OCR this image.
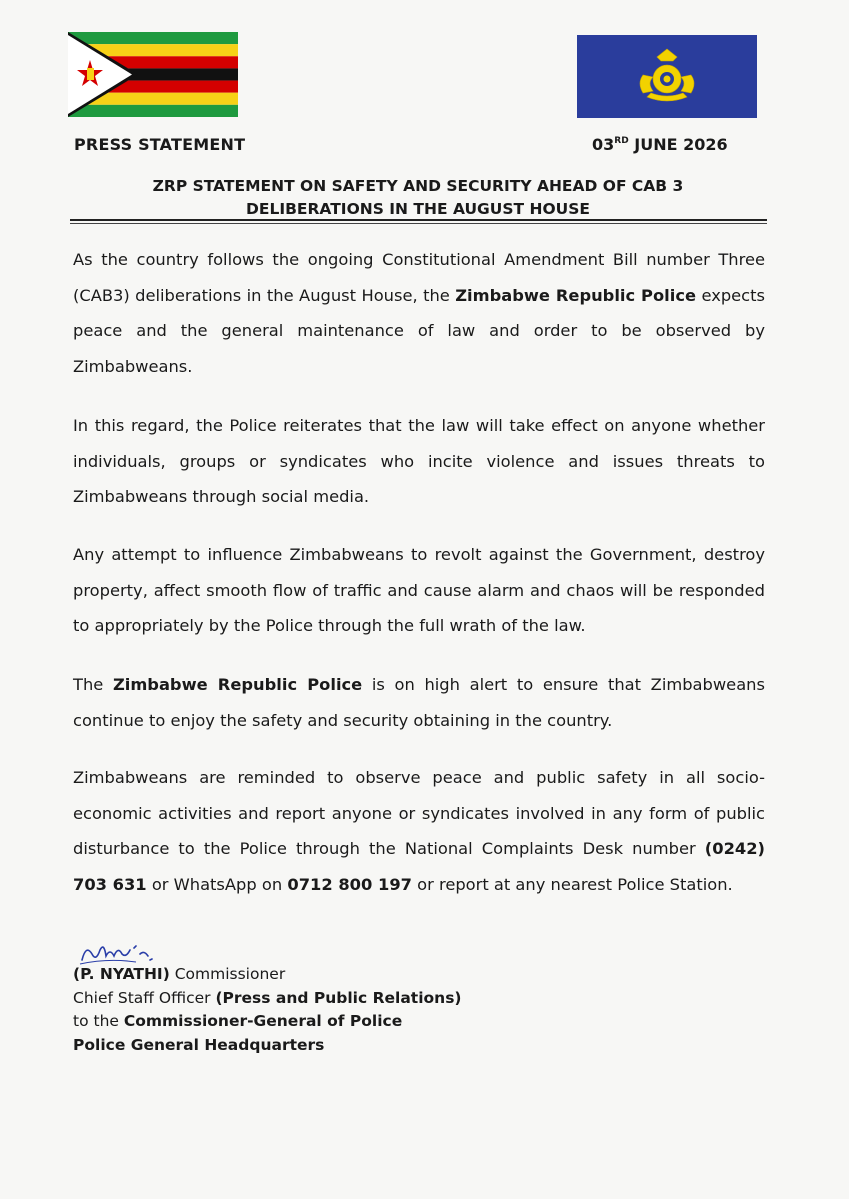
PRESS STATEMENT	03RD JUNE 2026
ZRP STATEMENT ON SAFETY AND SECURITY AHEAD OF CAB 3
DELIBERATIONS IN THE AUGUST HOUSE

As the country follows the ongoing Constitutional Amendment Bill number Three (CAB3) deliberations in the August House, the Zimbabwe Republic Police expects peace and the general maintenance of law and order to be observed by Zimbabweans.

In this regard, the Police reiterates that the law will take effect on anyone whether individuals, groups or syndicates who incite violence and issues threats to Zimbabweans through social media.

Any attempt to influence Zimbabweans to revolt against the Government, destroy property, affect smooth flow of traffic and cause alarm and chaos will be responded to appropriately by the Police through the full wrath of the law.

The Zimbabwe Republic Police is on high alert to ensure that Zimbabweans continue to enjoy the safety and security obtaining in the country.

Zimbabweans are reminded to observe peace and public safety in all socio-economic activities and report anyone or syndicates involved in any form of public disturbance to the Police through the National Complaints Desk number (0242) 703 631 or WhatsApp on 0712 800 197 or report at any nearest Police Station.

(P. NYATHI) Commissioner
Chief Staff Officer (Press and Public Relations)
to the Commissioner-General of Police
Police General Headquarters
